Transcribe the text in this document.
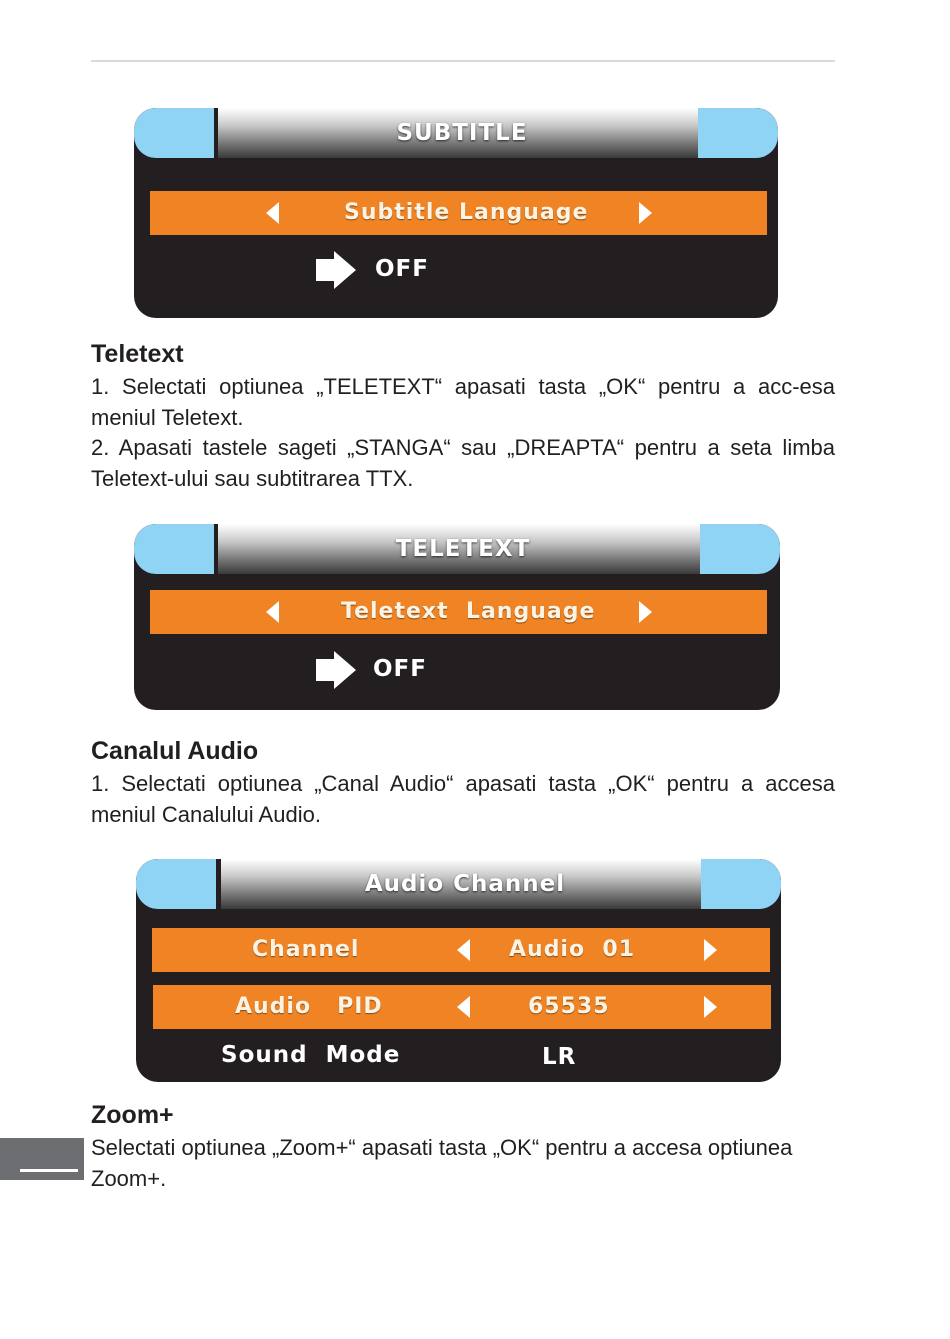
SUBTITLE
Subtitle Language
OFF
Teletext

1. Selectati optiunea „TELETEXT“ apasati tasta „OK“ pentru a acc-esa meniul Teletext.

2. Apasati tastele sageti „STANGA“ sau „DREAPTA“ pentru a seta limba Teletext-ului sau subtitrarea TTX.

TELETEXT
Teletext  Language
OFF
Canalul Audio

1. Selectati optiunea „Canal Audio“ apasati tasta „OK“ pentru a accesa meniul Canalului Audio.

Audio Channel
Channel	Audio  01
Audio   PID	65535
Sound  Mode	LR
Zoom+

Selectati optiunea „Zoom+“ apasati tasta „OK“ pentru a accesa optiunea Zoom+.
